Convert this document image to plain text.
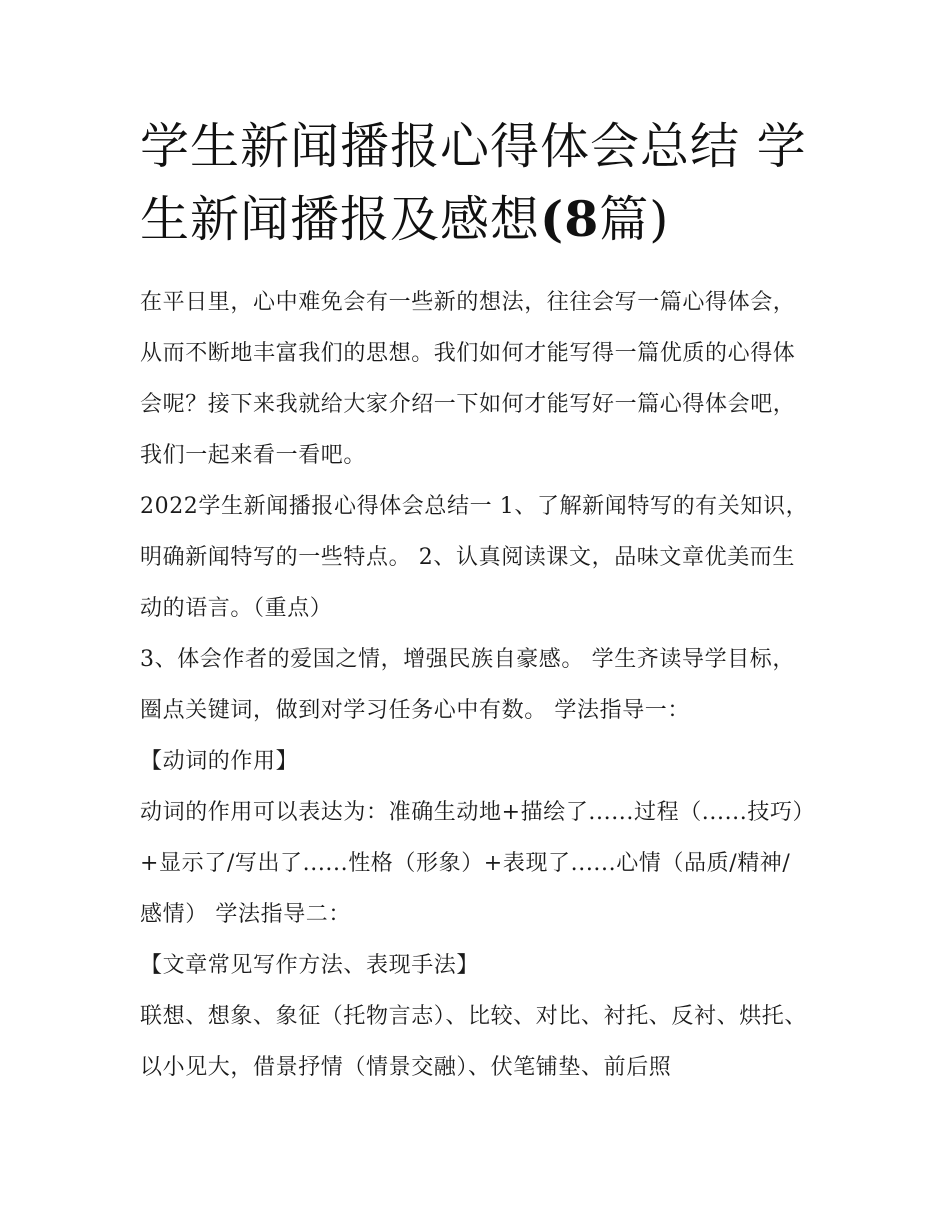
学生新闻播报心得体会总结 学生新闻播报及感想(8篇)

在平日里，心中难免会有一些新的想法，往往会写一篇心得体会，从而不断地丰富我们的思想。我们如何才能写得一篇优质的心得体会呢？接下来我就给大家介绍一下如何才能写好一篇心得体会吧，我们一起来看一看吧。

2022学生新闻播报心得体会总结一 1、了解新闻特写的有关知识，明确新闻特写的一些特点。 2、认真阅读课文，品味文章优美而生动的语言。（重点）

3、体会作者的爱国之情，增强民族自豪感。 学生齐读导学目标，圈点关键词，做到对学习任务心中有数。 学法指导一：

【动词的作用】

动词的作用可以表达为：准确生动地+描绘了......过程（......技巧）+显示了/写出了......性格（形象）+表现了......心情（品质/精神/感情） 学法指导二：

【文章常见写作方法、表现手法】

联想、想象、象征（托物言志）、比较、对比、衬托、反衬、烘托、以小见大，借景抒情（情景交融）、伏笔铺垫、前后照
